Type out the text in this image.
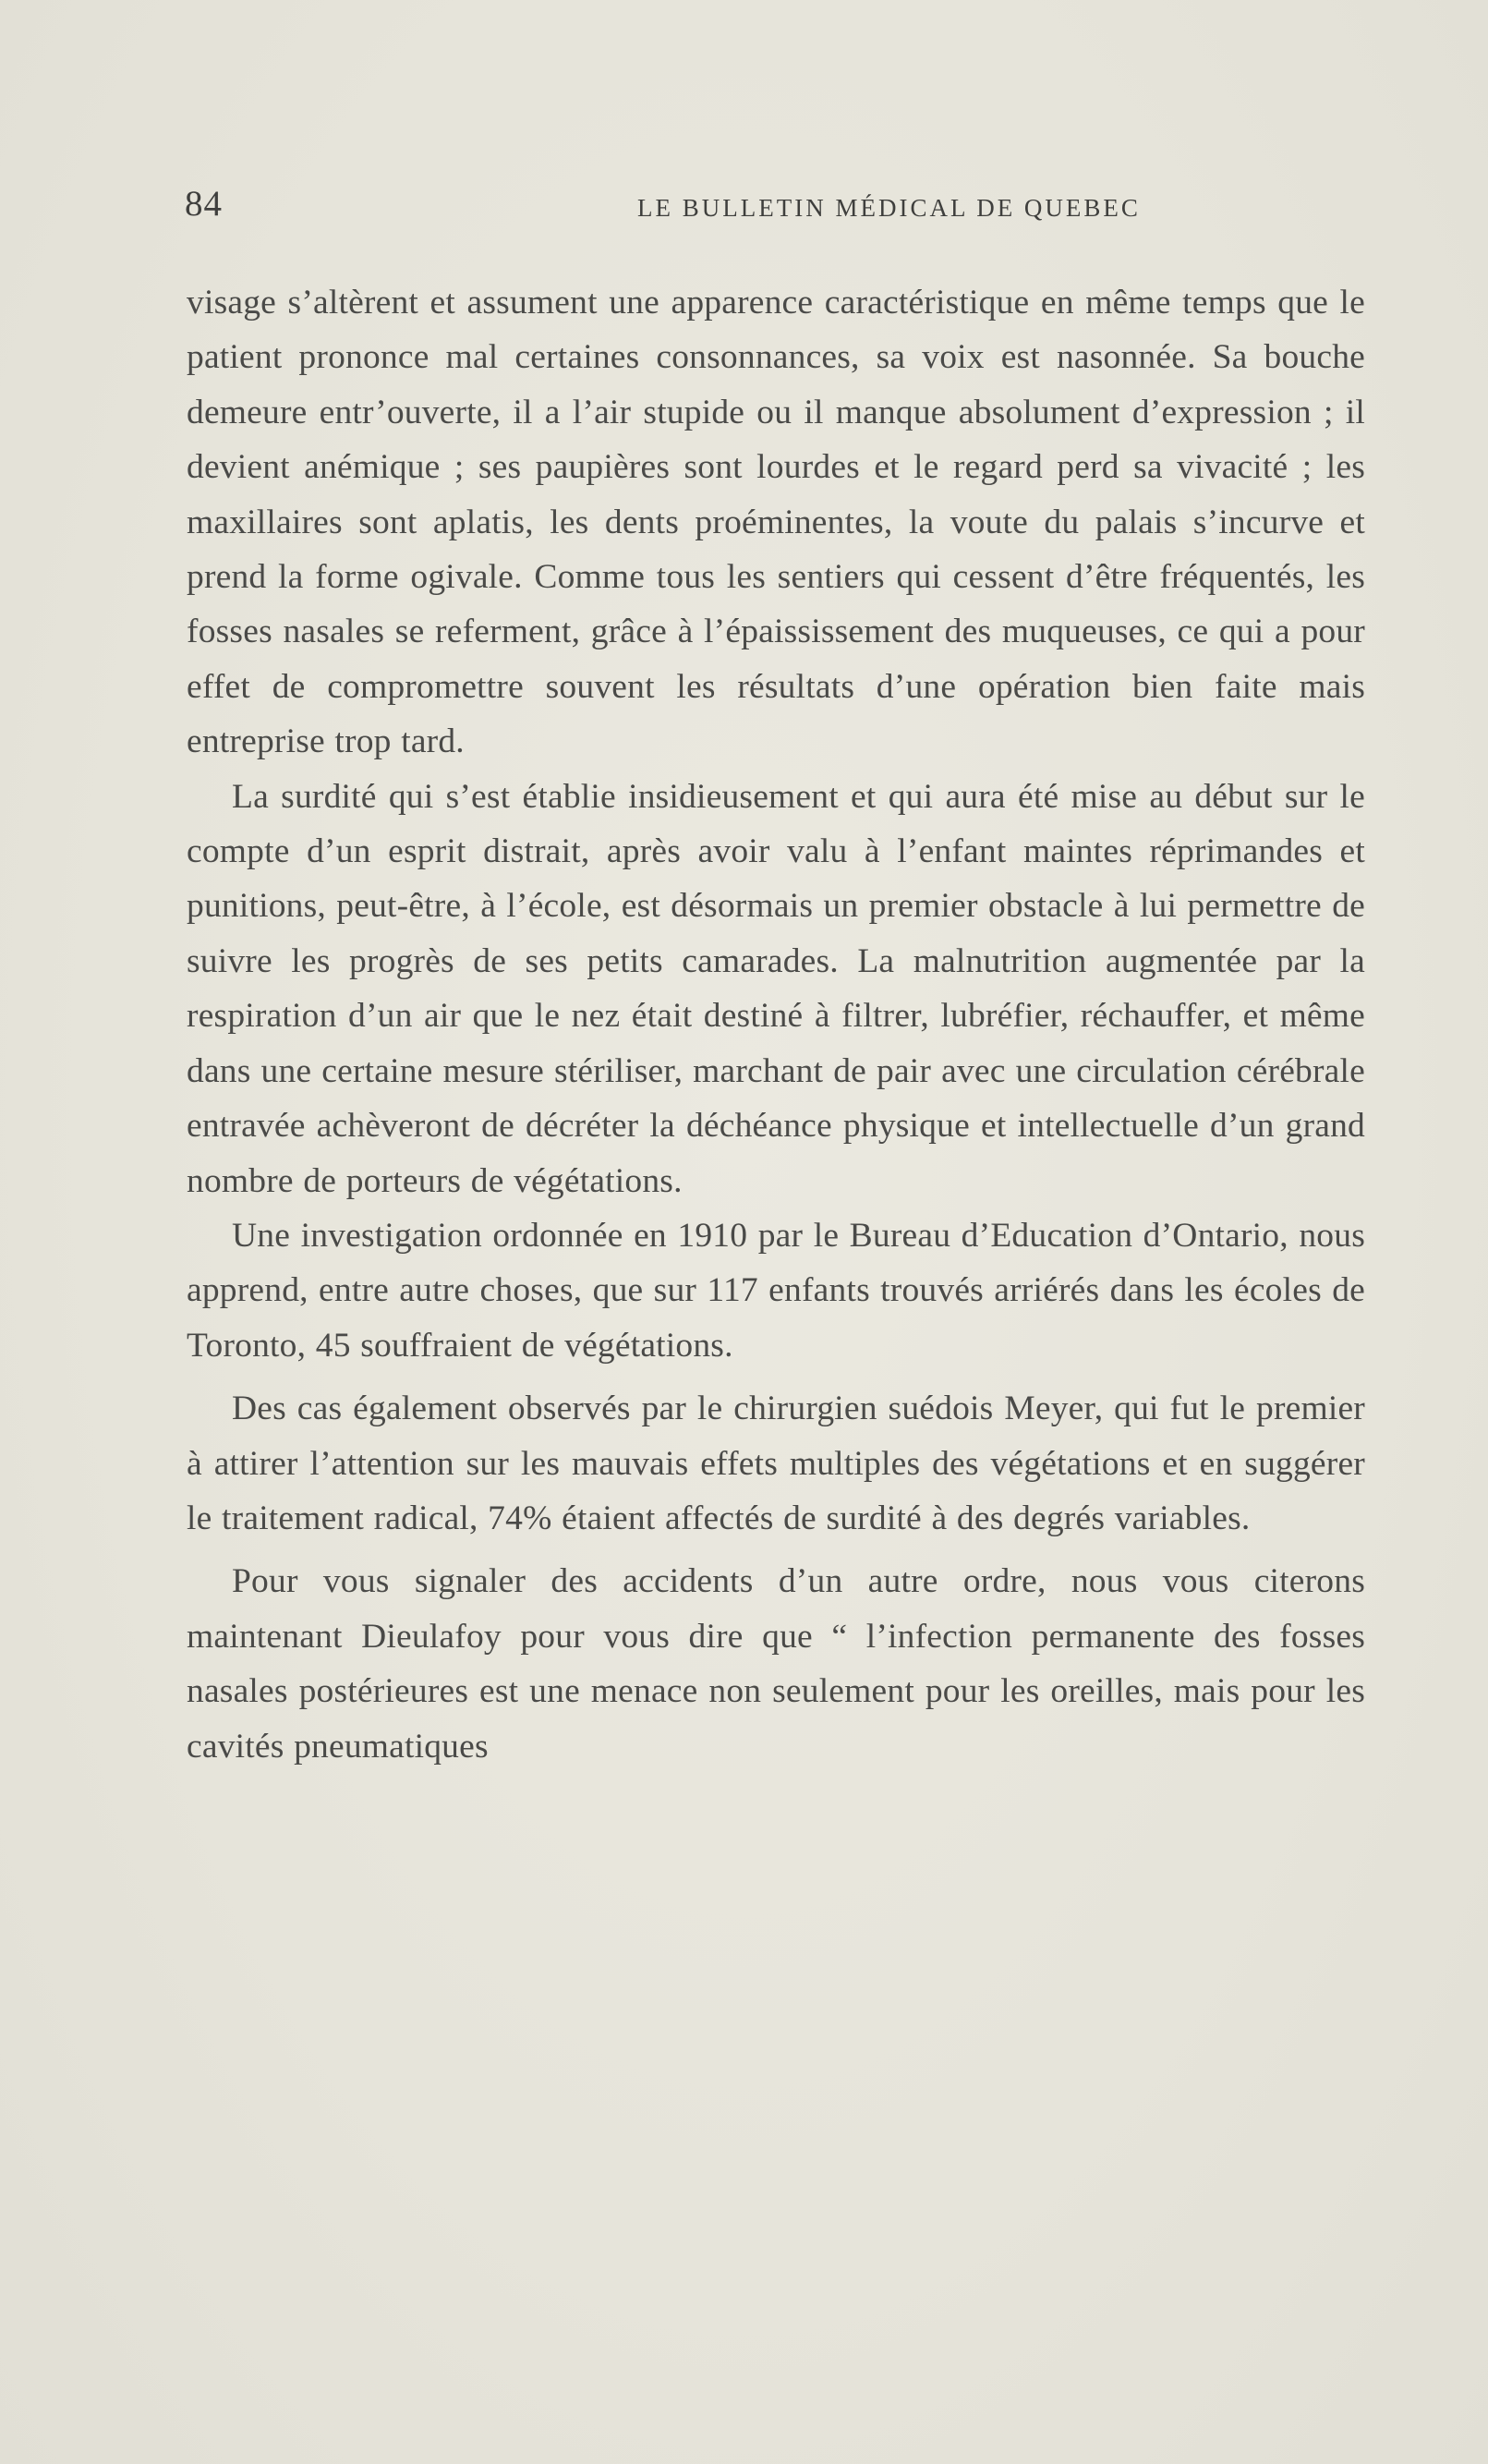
84	LE BULLETIN MÉDICAL DE QUEBEC

visage s’altèrent et assument une apparence caractéristique en même temps que le patient prononce mal certaines consonnances, sa voix est nasonnée. Sa bouche demeure entr’ouverte, il a l’air stupide ou il manque absolument d’expression ; il devient anémique ; ses paupières sont lourdes et le regard perd sa vivacité ; les maxillaires sont aplatis, les dents proéminentes, la voute du palais s’incurve et prend la forme ogivale. Comme tous les sentiers qui cessent d’être fréquentés, les fosses nasales se referment, grâce à l’épaississement des muqueuses, ce qui a pour effet de compromettre souvent les résultats d’une opération bien faite mais entreprise trop tard.

La surdité qui s’est établie insidieusement et qui aura été mise au début sur le compte d’un esprit distrait, après avoir valu à l’enfant maintes réprimandes et punitions, peut-être, à l’école, est désormais un premier obstacle à lui permettre de suivre les progrès de ses petits camarades. La malnutrition augmentée par la respiration d’un air que le nez était destiné à filtrer, lubréfier, réchauffer, et même dans une certaine mesure stériliser, marchant de pair avec une circulation cérébrale entravée achèveront de décréter la déchéance physique et intellectuelle d’un grand nombre de porteurs de végétations.

Une investigation ordonnée en 1910 par le Bureau d’Education d’Ontario, nous apprend, entre autre choses, que sur 117 enfants trouvés arriérés dans les écoles de Toronto, 45 souffraient de végétations.

Des cas également observés par le chirurgien suédois Meyer, qui fut le premier à attirer l’attention sur les mauvais effets multiples des végétations et en suggérer le traitement radical, 74% étaient affectés de surdité à des degrés variables.

Pour vous signaler des accidents d’un autre ordre, nous vous citerons maintenant Dieulafoy pour vous dire que “ l’infection permanente des fosses nasales postérieures est une menace non seulement pour les oreilles, mais pour les cavités pneumatiques
